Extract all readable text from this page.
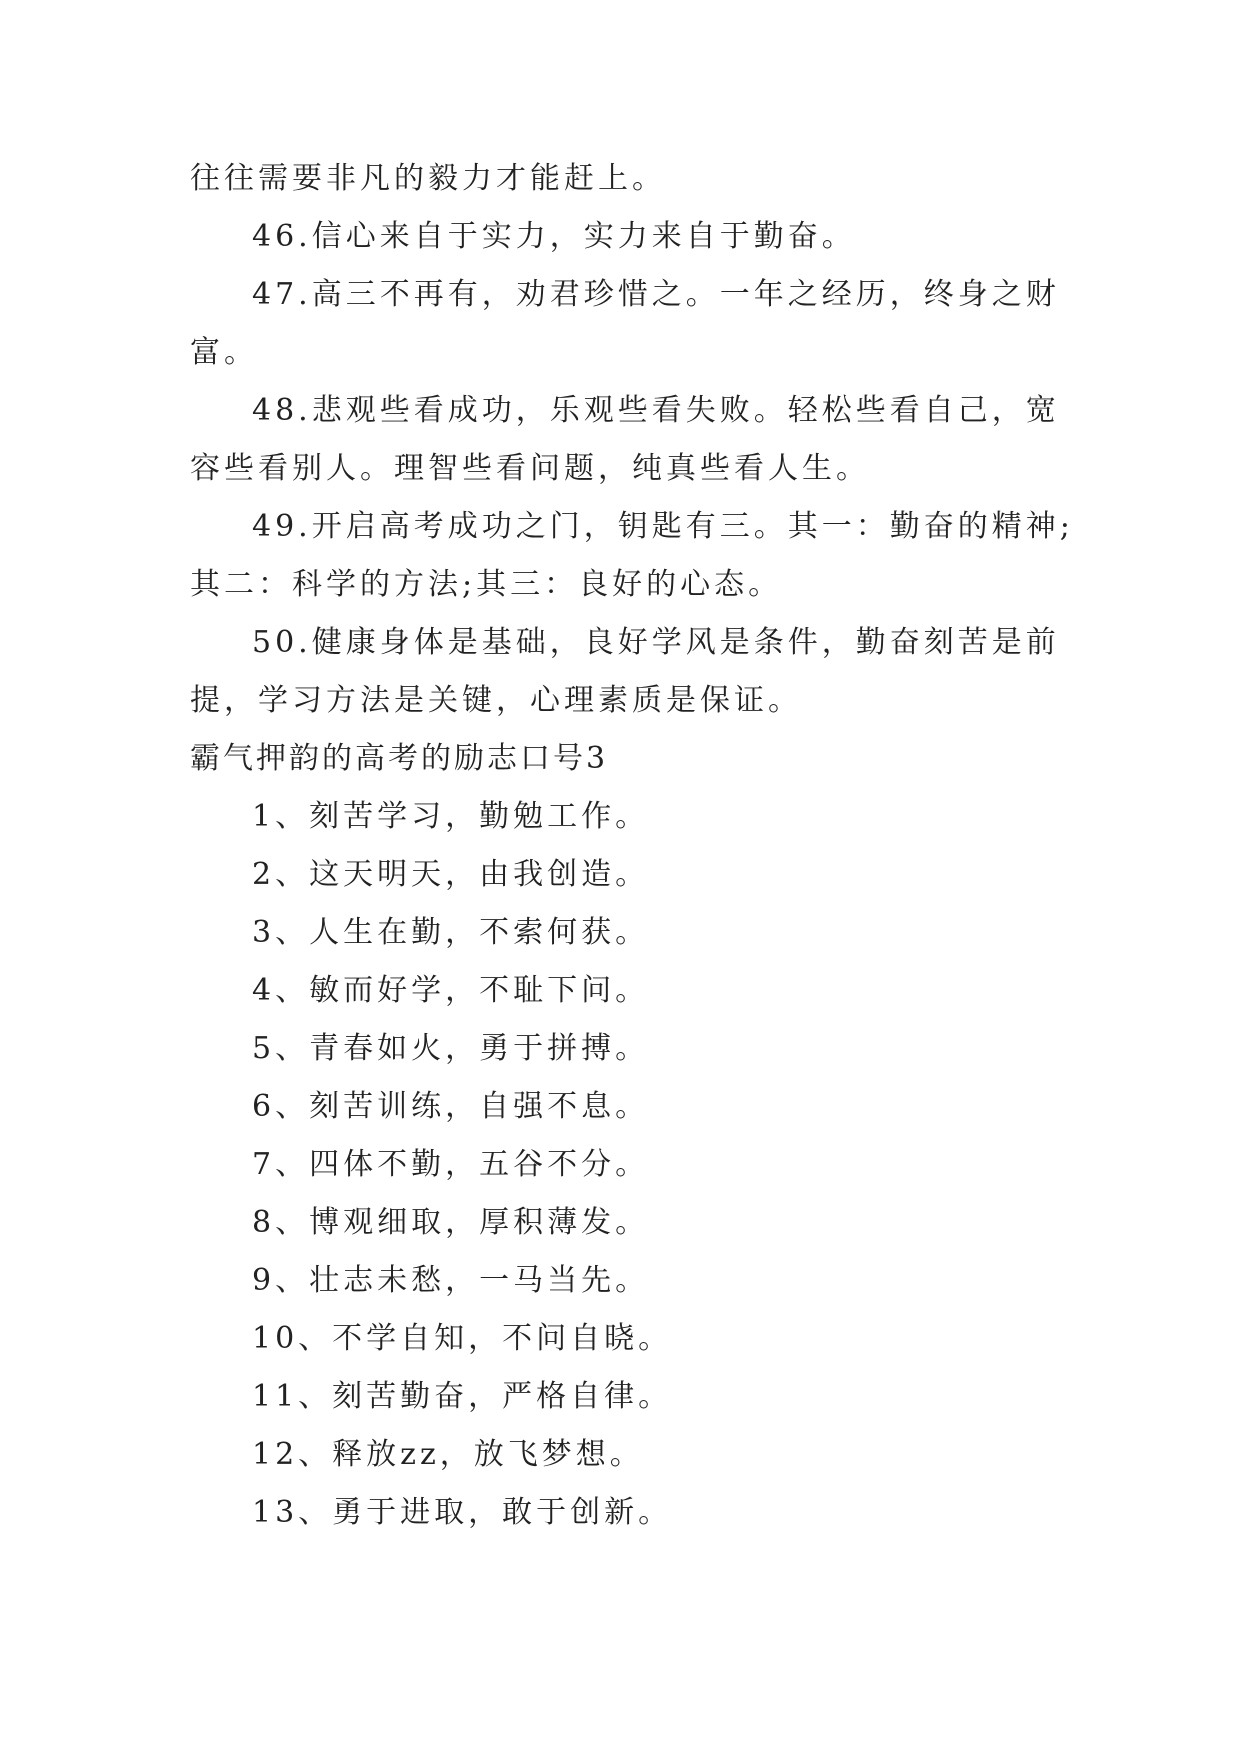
往往需要非凡的毅力才能赶上。

46.信心来自于实力，实力来自于勤奋。

47.高三不再有，劝君珍惜之。一年之经历，终身之财

富。

48.悲观些看成功，乐观些看失败。轻松些看自己，宽

容些看别人。理智些看问题，纯真些看人生。

49.开启高考成功之门，钥匙有三。其一：勤奋的精神;

其二：科学的方法;其三：良好的心态。

50.健康身体是基础，良好学风是条件，勤奋刻苦是前

提，学习方法是关键，心理素质是保证。

霸气押韵的高考的励志口号3

1、刻苦学习，勤勉工作。

2、这天明天，由我创造。

3、人生在勤，不索何获。

4、敏而好学，不耻下问。

5、青春如火，勇于拼搏。

6、刻苦训练，自强不息。

7、四体不勤，五谷不分。

8、博观细取，厚积薄发。

9、壮志未愁，一马当先。

10、不学自知，不问自晓。

11、刻苦勤奋，严格自律。

12、释放zz，放飞梦想。

13、勇于进取，敢于创新。
